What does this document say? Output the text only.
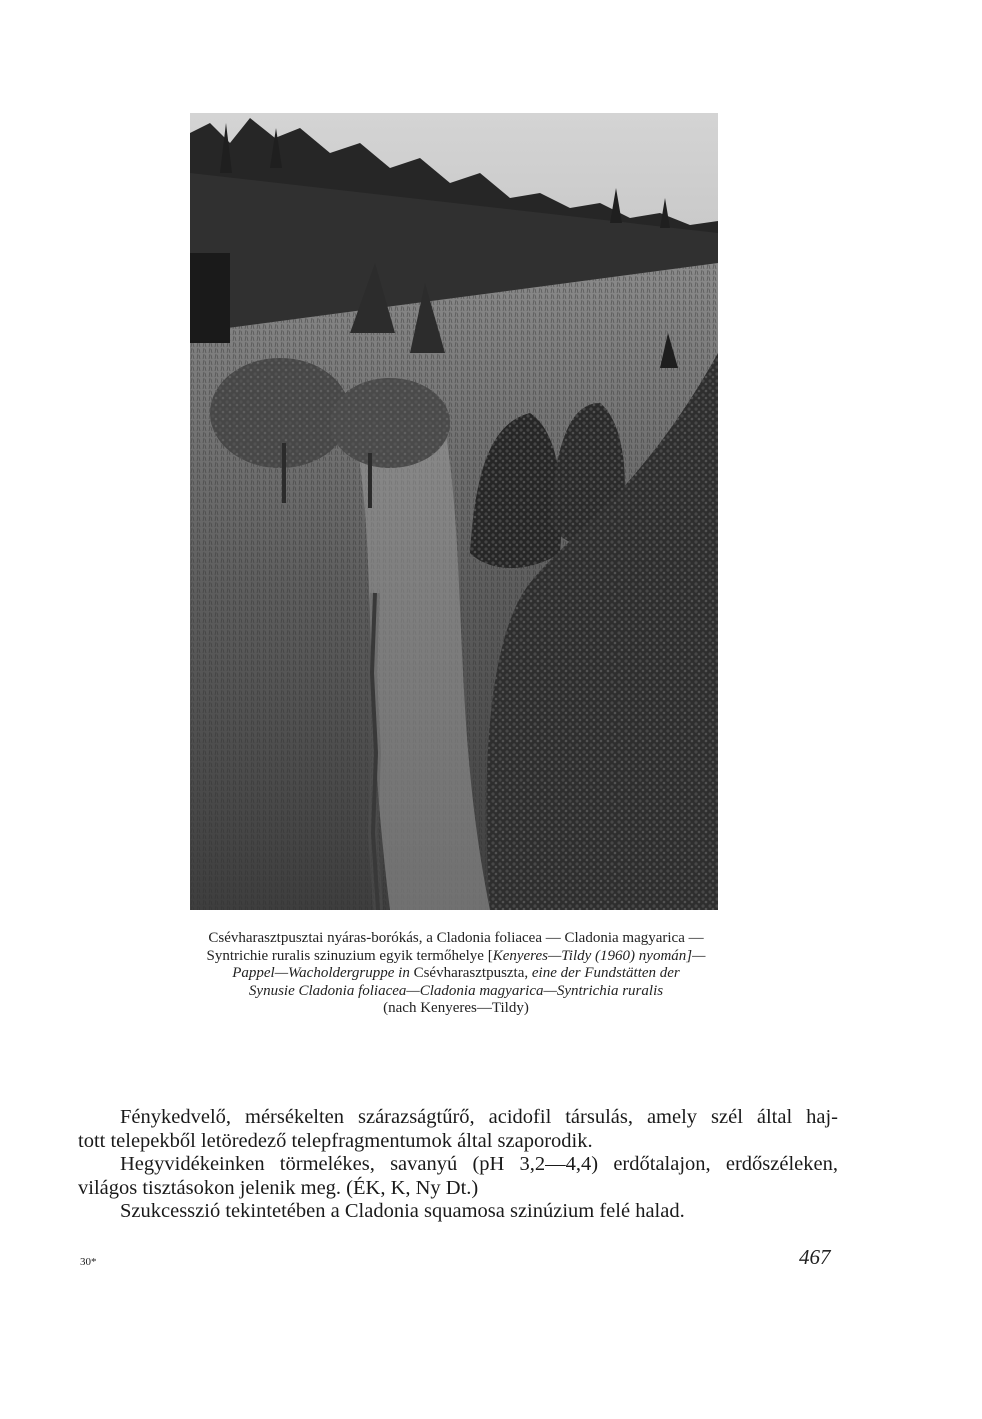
Csévharasztpusztai nyáras-borókás, a Cladonia foliacea — Cladonia magyarica —
Syntrichie ruralis szinuzium egyik termőhelye [Kenyeres—Tildy (1960) nyomán]—
Pappel—Wacholdergruppe in Csévharasztpuszta, eine der Fundstätten der
Synusie Cladonia foliacea—Cladonia magyarica—Syntrichia ruralis
(nach Kenyeres—Tildy)
Fénykedvelő, mérsékelten szárazságtűrő, acidofil társulás, amely szél által haj-
tott telepekből letöredező telepfragmentumok által szaporodik.
Hegyvidékeinken törmelékes, savanyú (pH 3,2—4,4) erdőtalajon, erdőszéleken,
világos tisztásokon jelenik meg. (ÉK, K, Ny Dt.)
Szukcesszió tekintetében a Cladonia squamosa szinúzium felé halad.
30*	467
